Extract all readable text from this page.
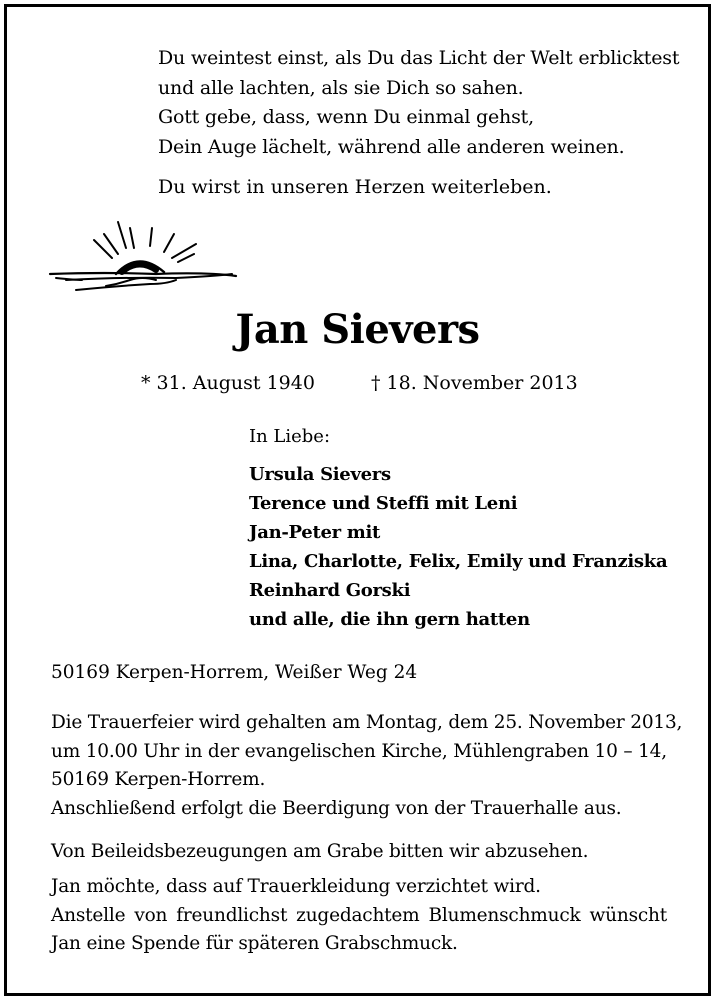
Du weintest einst, als Du das Licht der Welt erblicktest
und alle lachten, als sie Dich so sahen.
Gott gebe, dass, wenn Du einmal gehst,
Dein Auge lächelt, während alle anderen weinen.
Du wirst in unseren Herzen weiterleben.
Jan Sievers
* 31. August 1940	† 18. November 2013
In Liebe:
Ursula Sievers
Terence und Steffi mit Leni
Jan-Peter mit
Lina, Charlotte, Felix, Emily und Franziska
Reinhard Gorski
und alle, die ihn gern hatten
50169 Kerpen-Horrem, Weißer Weg 24
Die Trauerfeier wird gehalten am Montag, dem 25. November 2013,
um 10.00 Uhr in der evangelischen Kirche, Mühlengraben 10 – 14,
50169 Kerpen-Horrem.
Anschließend erfolgt die Beerdigung von der Trauerhalle aus.
Von Beileidsbezeugungen am Grabe bitten wir abzusehen.
Jan möchte, dass auf Trauerkleidung verzichtet wird.
Anstelle von freundlichst zugedachtem Blumenschmuck wünscht
Jan eine Spende für späteren Grabschmuck.
